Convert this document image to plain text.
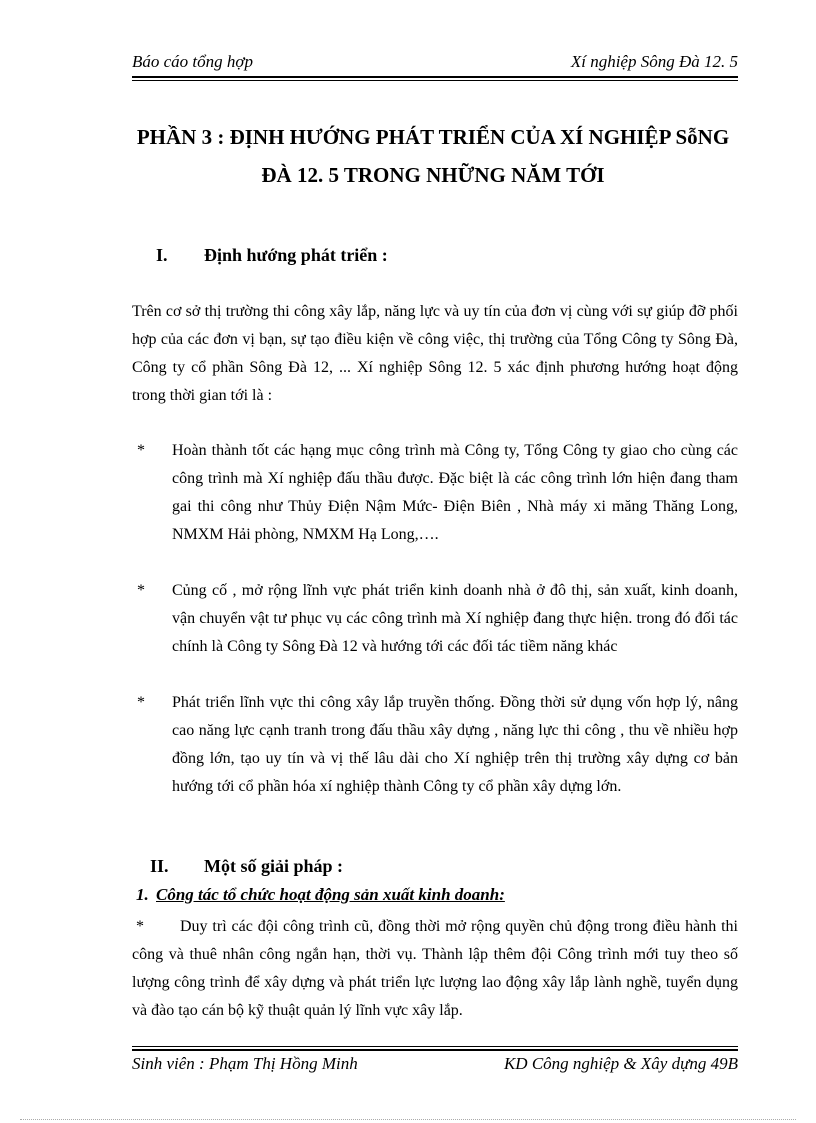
Báo cáo tổng hợp	Xí nghiệp Sông Đà 12. 5
PHẦN 3 : ĐỊNH HƯỚNG PHÁT TRIỂN CỦA XÍ NGHIỆP SỗNG
ĐÀ 12. 5 TRONG NHỮNG NĂM TỚI
I. Định hướng phát triển :
Trên cơ sở thị trường thi công xây lắp, năng lực và uy tín của đơn vị cùng với sự giúp đỡ phối hợp của các đơn vị bạn, sự tạo điều kiện về công việc, thị trường của Tổng Công ty Sông Đà, Công ty cổ phần Sông Đà 12, ... Xí nghiệp Sông 12. 5 xác định phương hướng hoạt động trong thời gian tới là :
* Hoàn thành tốt các hạng mục công trình mà Công ty, Tổng Công ty giao cho cùng các công trình mà Xí nghiệp đấu thầu được. Đặc biệt là các công trình lớn hiện đang tham gai thi công như Thủy Điện Nậm Mức- Điện Biên , Nhà máy xi măng Thăng Long, NMXM Hải phòng, NMXM Hạ Long,….
* Củng cố , mở rộng lĩnh vực phát triển kinh doanh nhà ở đô thị, sản xuất, kinh doanh, vận chuyển vật tư phục vụ các công trình mà Xí nghiệp đang thực hiện. trong đó đối tác chính là Công ty Sông Đà 12 và hướng tới các đối tác tiềm năng khác
* Phát triển lĩnh vực thi công xây lắp truyền thống. Đồng thời sử dụng vốn hợp lý, nâng cao năng lực cạnh tranh trong đấu thầu xây dựng , năng lực thi công , thu về nhiều hợp đồng lớn, tạo uy tín và vị thế lâu dài cho Xí nghiệp trên thị trường xây dựng cơ bản hướng tới cổ phần hóa xí nghiệp thành Công ty cổ phần xây dựng lớn.
II. Một số giải pháp :
1. Công tác tổ chức hoạt động sản xuất kinh doanh:
* Duy trì các đội công trình cũ, đồng thời mở rộng quyền chủ động trong điều hành thi công và thuê nhân công ngắn hạn, thời vụ. Thành lập thêm đội Công trình mới tuy theo số lượng công trình để xây dựng và phát triển lực lượng lao động xây lắp lành nghề, tuyển dụng và đào tạo cán bộ kỹ thuật quản lý lĩnh vực xây lắp.
Sinh viên : Phạm Thị Hồng Minh	KD Công nghiệp & Xây dựng 49B
